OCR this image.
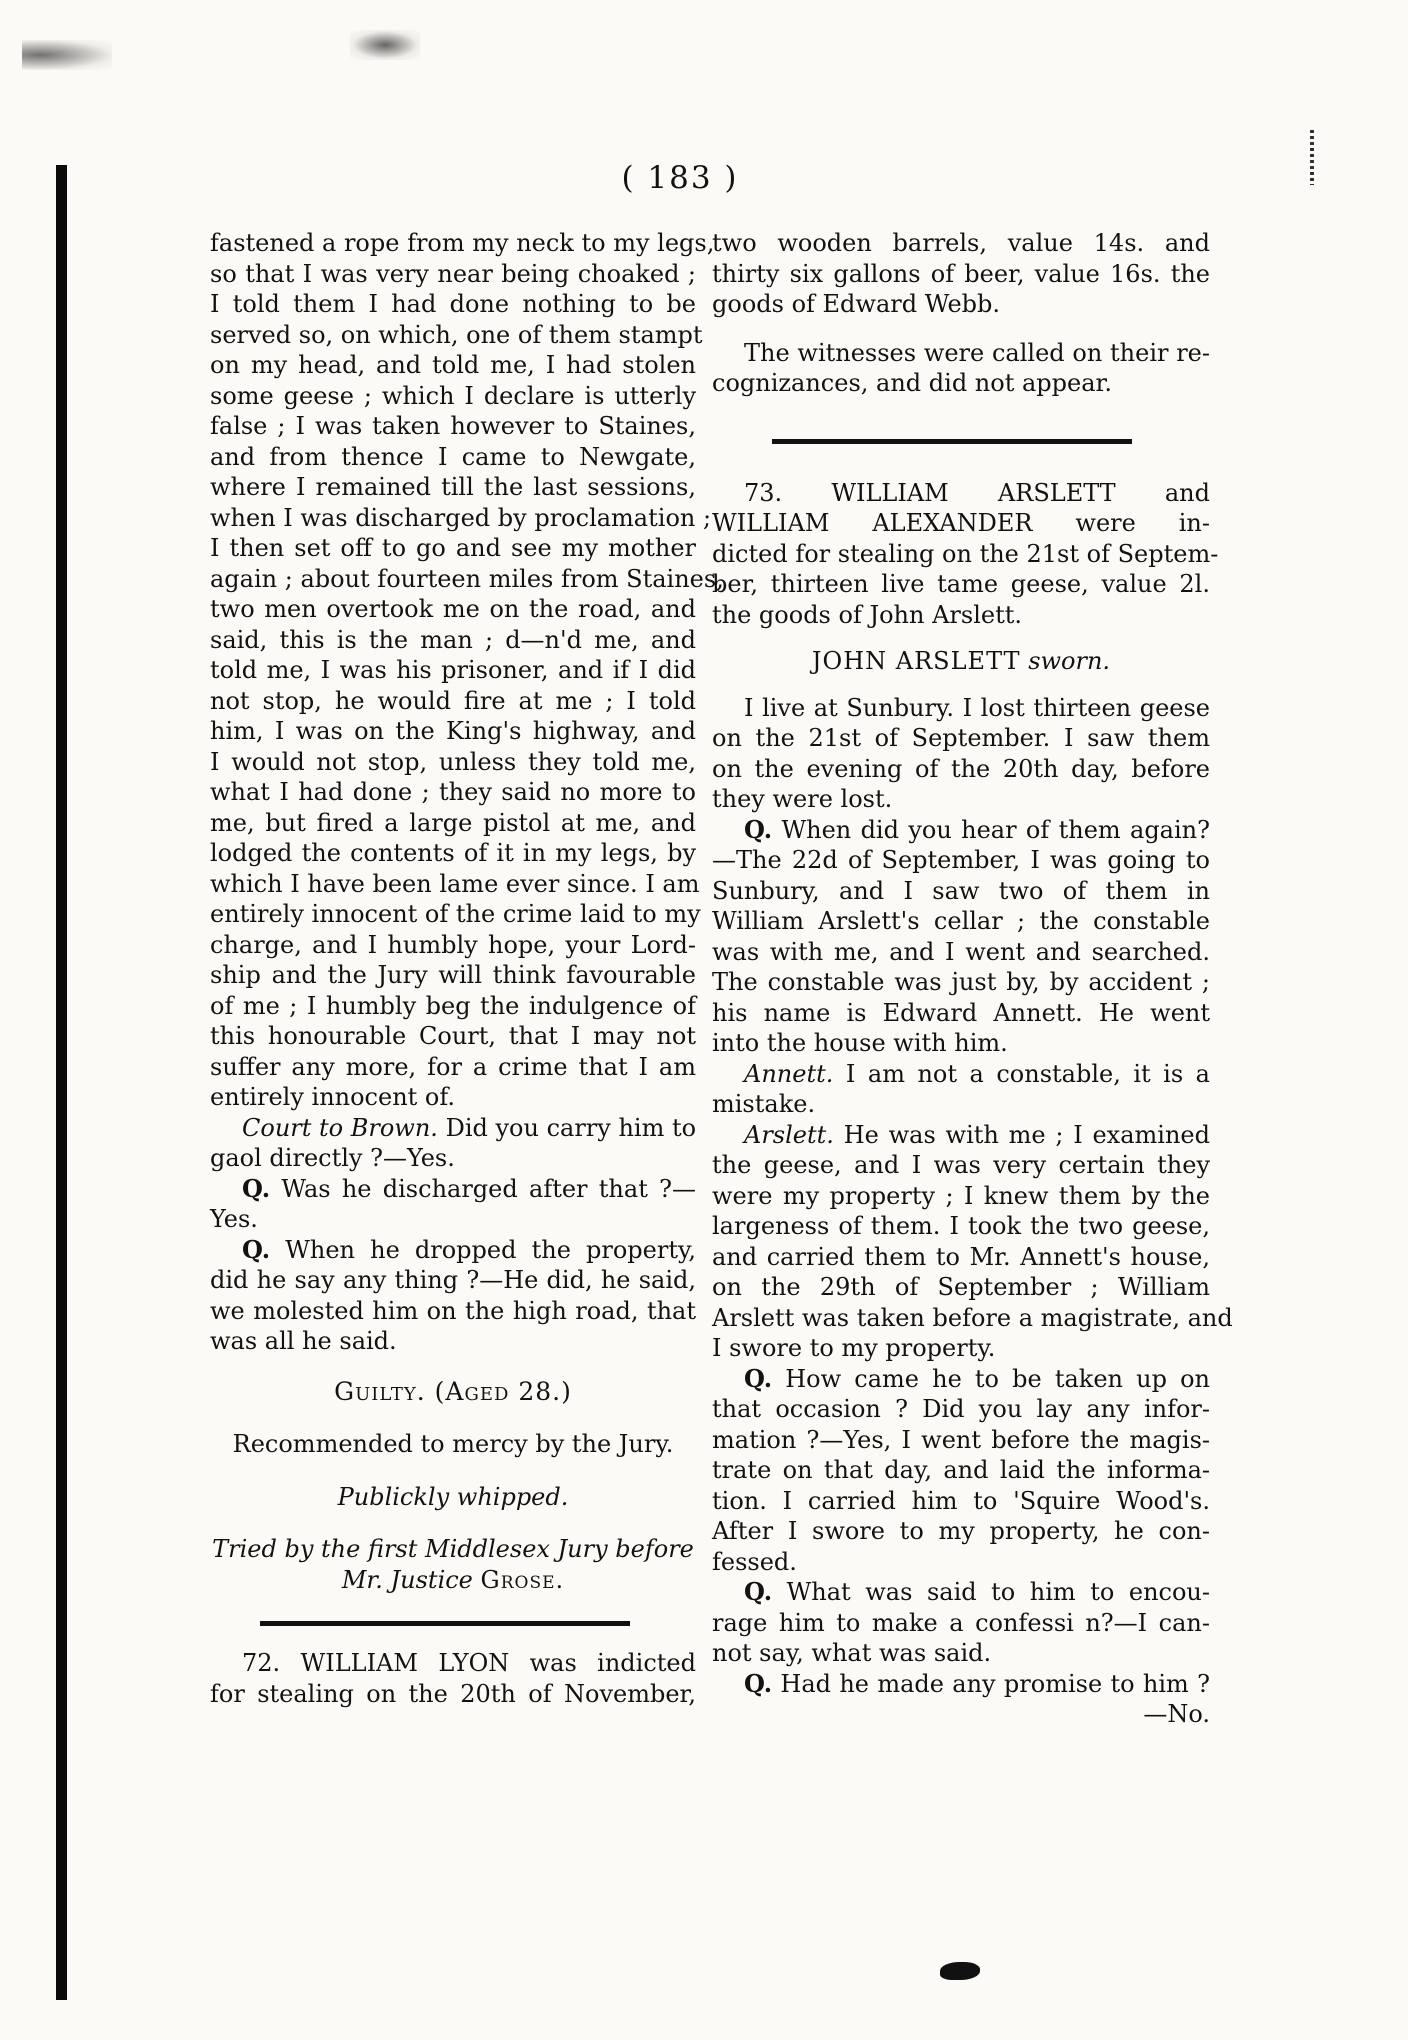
( 183 )
fastened a rope from my neck to my legs,
so that I was very near being choaked ;
I told them I had done nothing to be
served so, on which, one of them stampt
on my head, and told me, I had stolen
some geese ; which I declare is utterly
false ; I was taken however to Staines,
and from thence I came to Newgate,
where I remained till the last sessions,
when I was discharged by proclamation ;
I then set off to go and see my mother
again ; about fourteen miles from Staines,
two men overtook me on the road, and
said, this is the man ; d—n'd me, and
told me, I was his prisoner, and if I did
not stop, he would fire at me ; I told
him, I was on the King's highway, and
I would not stop, unless they told me,
what I had done ; they said no more to
me, but fired a large pistol at me, and
lodged the contents of it in my legs, by
which I have been lame ever since. I am
entirely innocent of the crime laid to my
charge, and I humbly hope, your Lord-
ship and the Jury will think favourable
of me ; I humbly beg the indulgence of
this honourable Court, that I may not
suffer any more, for a crime that I am
entirely innocent of.

Court to Brown. Did you carry him to
gaol directly ?—Yes.

Q. Was he discharged after that ?—
Yes.

Q. When he dropped the property,

did he say any thing ?—He did, he said,
we molested him on the high road, that
was all he said.
Guilty. (Aged 28.)
Recommended to mercy by the Jury.
Publickly whipped.
Tried by the first Middlesex Jury before
Mr. Justice Grose.

72. WILLIAM LYON was indicted
for stealing on the 20th of November,

two wooden barrels, value 14s. and
thirty six gallons of beer, value 16s. the
goods of Edward Webb.
The witnesses were called on their re-
cognizances, and did not appear.
73. WILLIAM ARSLETT and
WILLIAM ALEXANDER were in-
dicted for stealing on the 21st of Septem-
ber, thirteen live tame geese, value 2l.
the goods of John Arslett.
JOHN ARSLETT sworn.
I live at Sunbury. I lost thirteen geese
on the 21st of September. I saw them
on the evening of the 20th day, before
they were lost.

Q. When did you hear of them again?

—The 22d of September, I was going to
Sunbury, and I saw two of them in
William Arslett's cellar ; the constable
was with me, and I went and searched.
The constable was just by, by accident ;
his name is Edward Annett. He went
into the house with him.

Annett. I am not a constable, it is a
mistake.

Arslett. He was with me ; I examined

the geese, and I was very certain they
were my property ; I knew them by the
largeness of them. I took the two geese,
and carried them to Mr. Annett's house,
on the 29th of September ; William
Arslett was taken before a magistrate, and
I swore to my property.

Q. How came he to be taken up on

that occasion ? Did you lay any infor-
mation ?—Yes, I went before the magis-
trate on that day, and laid the informa-
tion. I carried him to 'Squire Wood's.
After I swore to my property, he con-
fessed.

Q. What was said to him to encou-

rage him to make a confessi n?—I can-
not say, what was said.

Q. Had he made any promise to him ?

—No.
